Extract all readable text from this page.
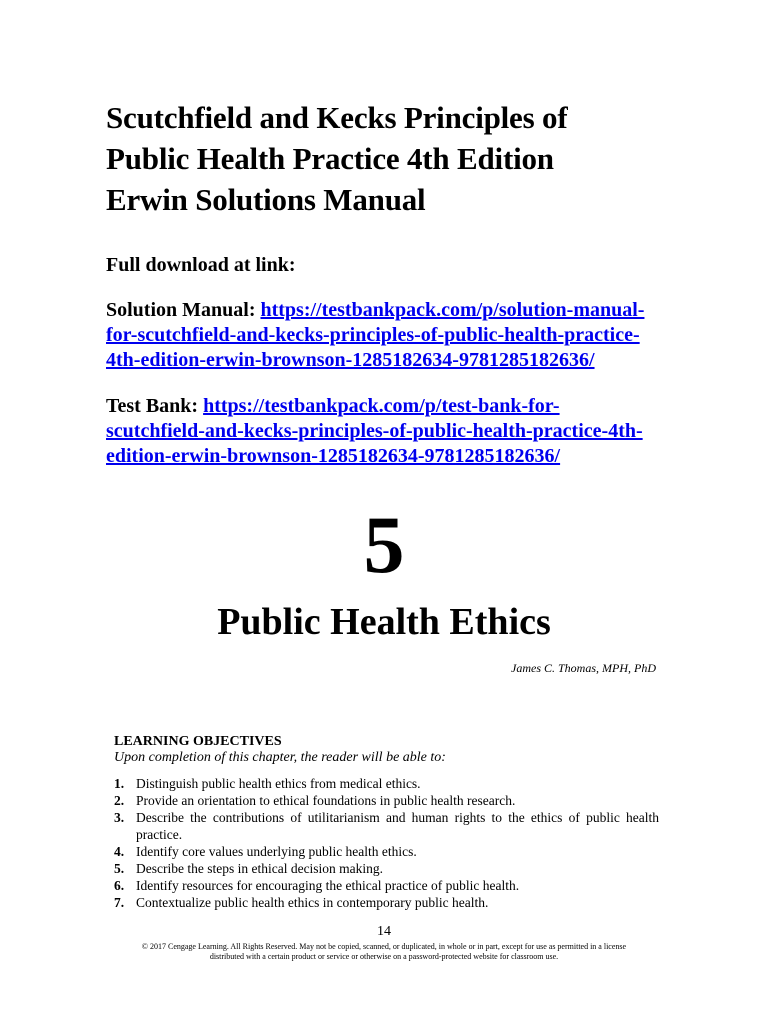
Scutchfield and Kecks Principles of
Public Health Practice 4th Edition
Erwin Solutions Manual
Full download at link:
Solution Manual: https://testbankpack.com/p/solution-manual-
for-scutchfield-and-kecks-principles-of-public-health-practice-
4th-edition-erwin-brownson-1285182634-9781285182636/
Test Bank: https://testbankpack.com/p/test-bank-for-
scutchfield-and-kecks-principles-of-public-health-practice-4th-
edition-erwin-brownson-1285182634-9781285182636/
5
Public Health Ethics
James C. Thomas, MPH, PhD
LEARNING OBJECTIVES
Upon completion of this chapter, the reader will be able to:
1. Distinguish public health ethics from medical ethics.
2. Provide an orientation to ethical foundations in public health research.
3. Describe the contributions of utilitarianism and human rights to the ethics of public health practice.
4. Identify core values underlying public health ethics.
5. Describe the steps in ethical decision making.
6. Identify resources for encouraging the ethical practice of public health.
7. Contextualize public health ethics in contemporary public health.
14
© 2017 Cengage Learning. All Rights Reserved. May not be copied, scanned, or duplicated, in whole or in part, except for use as permitted in a license
distributed with a certain product or service or otherwise on a password-protected website for classroom use.
